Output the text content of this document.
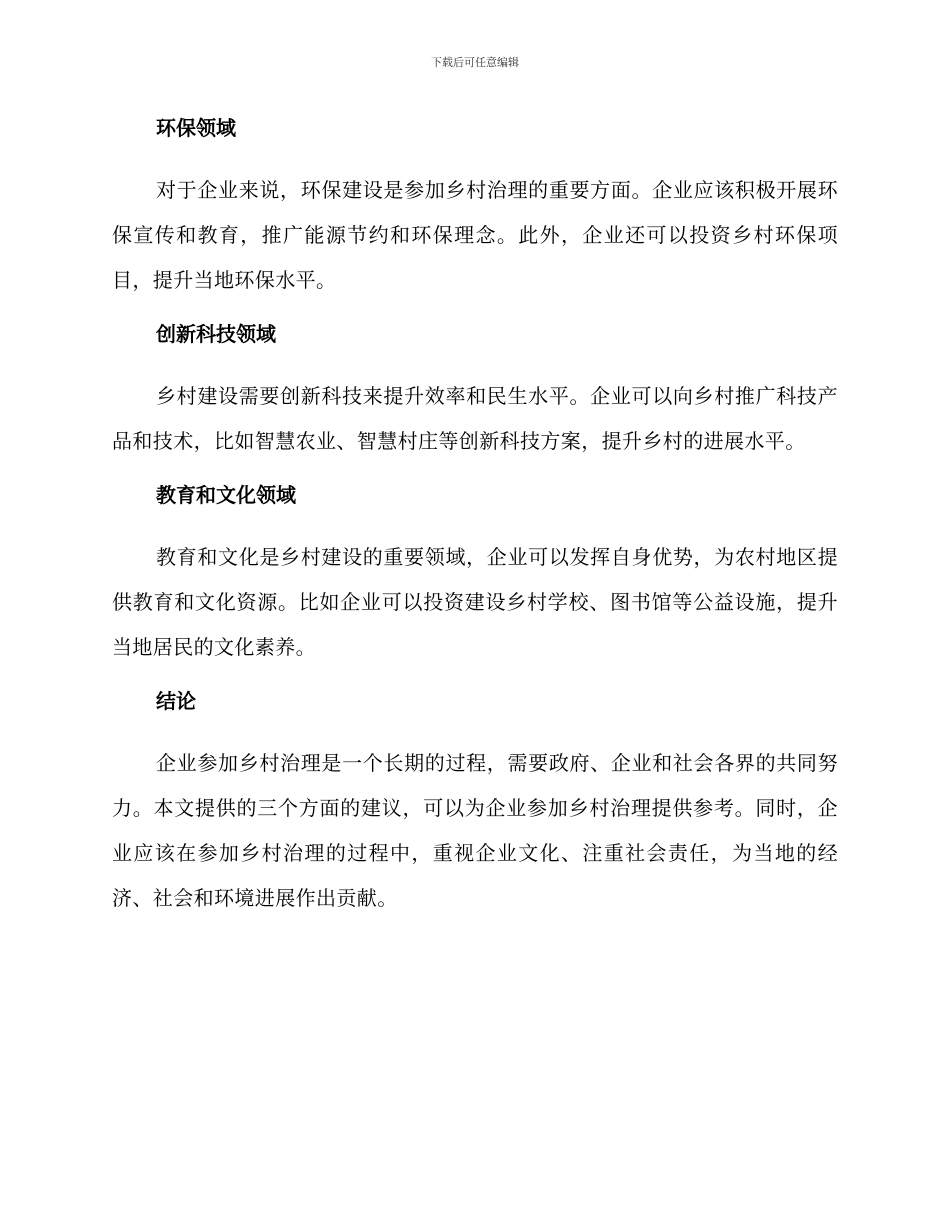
下载后可任意编辑
环保领域

对于企业来说，环保建设是参加乡村治理的重要方面。企业应该积极开展环保宣传和教育，推广能源节约和环保理念。此外，企业还可以投资乡村环保项目，提升当地环保水平。

创新科技领域

乡村建设需要创新科技来提升效率和民生水平。企业可以向乡村推广科技产品和技术，比如智慧农业、智慧村庄等创新科技方案，提升乡村的进展水平。

教育和文化领域

教育和文化是乡村建设的重要领域，企业可以发挥自身优势，为农村地区提供教育和文化资源。比如企业可以投资建设乡村学校、图书馆等公益设施，提升当地居民的文化素养。

结论

企业参加乡村治理是一个长期的过程，需要政府、企业和社会各界的共同努力。本文提供的三个方面的建议，可以为企业参加乡村治理提供参考。同时，企业应该在参加乡村治理的过程中，重视企业文化、注重社会责任，为当地的经济、社会和环境进展作出贡献。
